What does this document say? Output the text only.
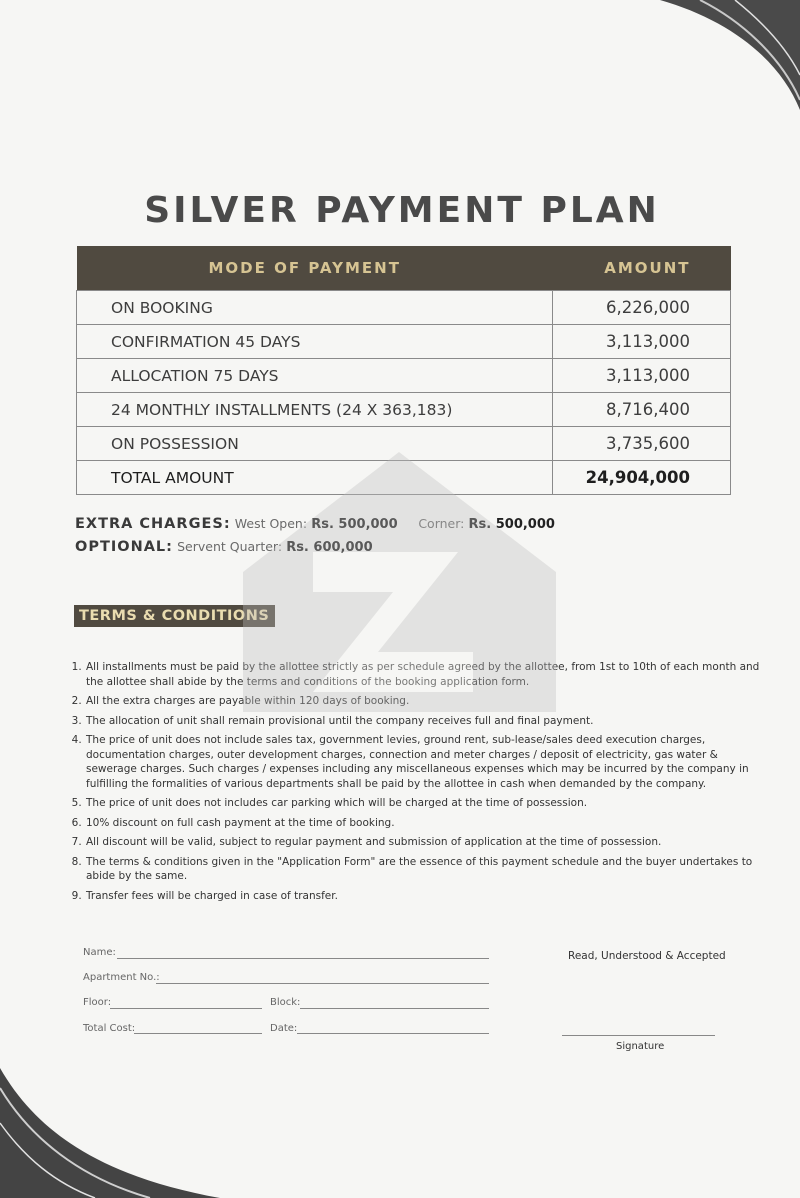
SILVER PAYMENT PLAN
MODE OF PAYMENT	AMOUNT
ON BOOKING	6,226,000
CONFIRMATION 45 DAYS	3,113,000
ALLOCATION 75 DAYS	3,113,000
24 MONTHLY INSTALLMENTS (24 X 363,183)	8,716,400
ON POSSESSION	3,735,600
TOTAL AMOUNT	24,904,000
EXTRA CHARGES: West Open: Rs. 500,000 Corner: Rs. 500,000
OPTIONAL: Servent Quarter: Rs. 600,000
TERMS & CONDITIONS
1. All installments must be paid by the allottee strictly as per schedule agreed by the allottee, from 1st to 10th of each month and the allottee shall abide by the terms and conditions of the booking application form.
2. All the extra charges are payable within 120 days of booking.
3. The allocation of unit shall remain provisional until the company receives full and final payment.
4. The price of unit does not include sales tax, government levies, ground rent, sub-lease/sales deed execution charges, documentation charges, outer development charges, connection and meter charges / deposit of electricity, gas water & sewerage charges. Such charges / expenses including any miscellaneous expenses which may be incurred by the company in fulfilling the formalities of various departments shall be paid by the allottee in cash when demanded by the company.
5. The price of unit does not includes car parking which will be charged at the time of possession.
6. 10% discount on full cash payment at the time of booking.
7. All discount will be valid, subject to regular payment and submission of application at the time of possession.
8. The terms & conditions given in the "Application Form" are the essence of this payment schedule and the buyer undertakes to abide by the same.
9. Transfer fees will be charged in case of transfer.
Name:
Apartment No.:
Floor:	Block:
Total Cost:	Date:
Read, Understood & Accepted
Signature
